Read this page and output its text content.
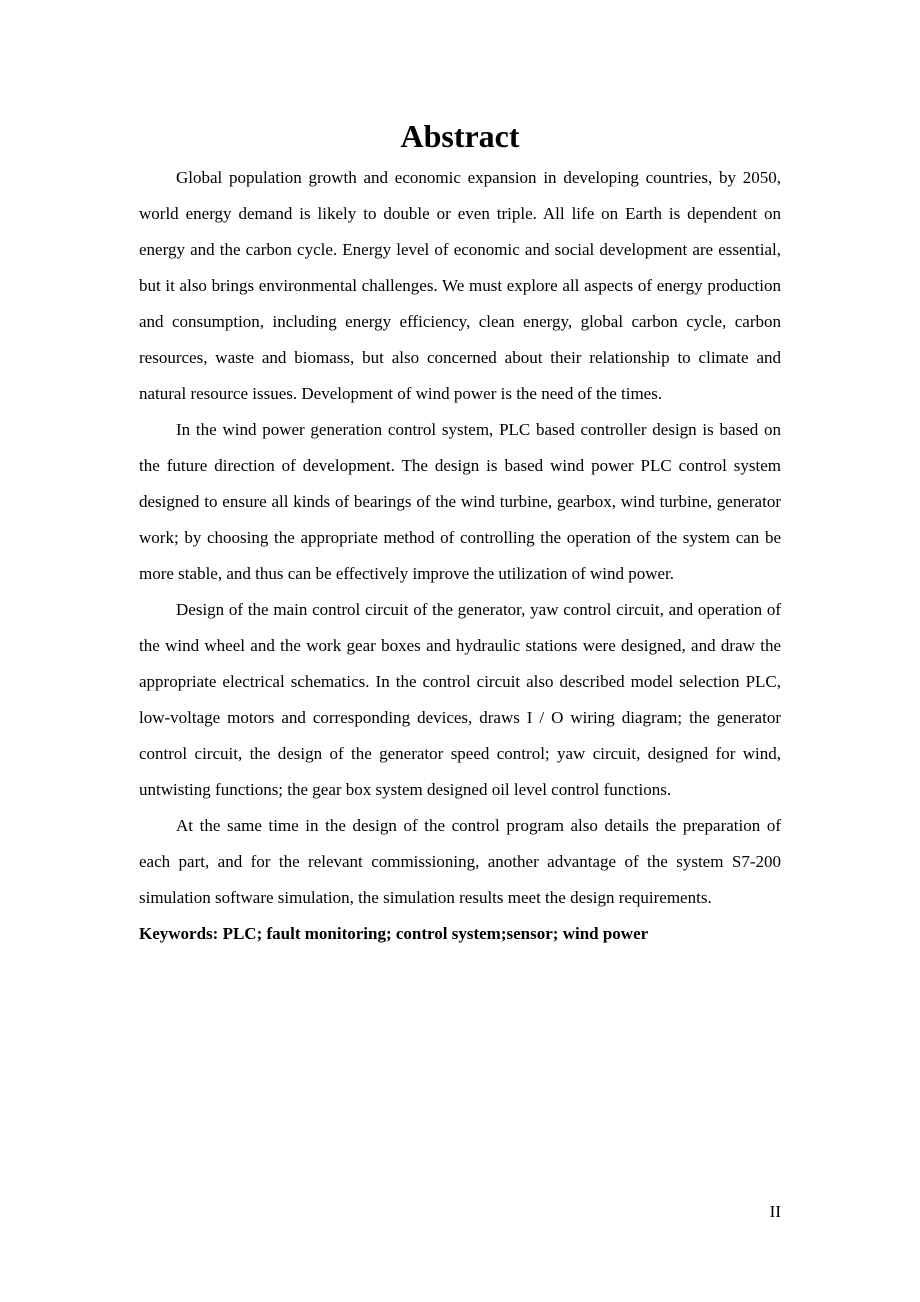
Abstract

Global population growth and economic expansion in developing countries, by 2050, world energy demand is likely to double or even triple. All life on Earth is dependent on energy and the carbon cycle. Energy level of economic and social development are essential, but it also brings environmental challenges. We must explore all aspects of energy production and consumption, including energy efficiency, clean energy, global carbon cycle, carbon resources, waste and biomass, but also concerned about their relationship to climate and natural resource issues. Development of wind power is the need of the times.

In the wind power generation control system, PLC based controller design is based on the future direction of development. The design is based wind power PLC control system designed to ensure all kinds of bearings of the wind turbine, gearbox, wind turbine, generator work; by choosing the appropriate method of controlling the operation of the system can be more stable, and thus can be effectively improve the utilization of wind power.

Design of the main control circuit of the generator, yaw control circuit, and operation of the wind wheel and the work gear boxes and hydraulic stations were designed, and draw the appropriate electrical schematics. In the control circuit also described model selection PLC, low-voltage motors and corresponding devices, draws I / O wiring diagram; the generator control circuit, the design of the generator speed control; yaw circuit, designed for wind, untwisting functions; the gear box system designed oil level control functions.

At the same time in the design of the control program also details the preparation of each part, and for the relevant commissioning, another advantage of the system S7-200 simulation software simulation, the simulation results meet the design requirements.

Keywords: PLC; fault monitoring; control system;sensor; wind power

II
